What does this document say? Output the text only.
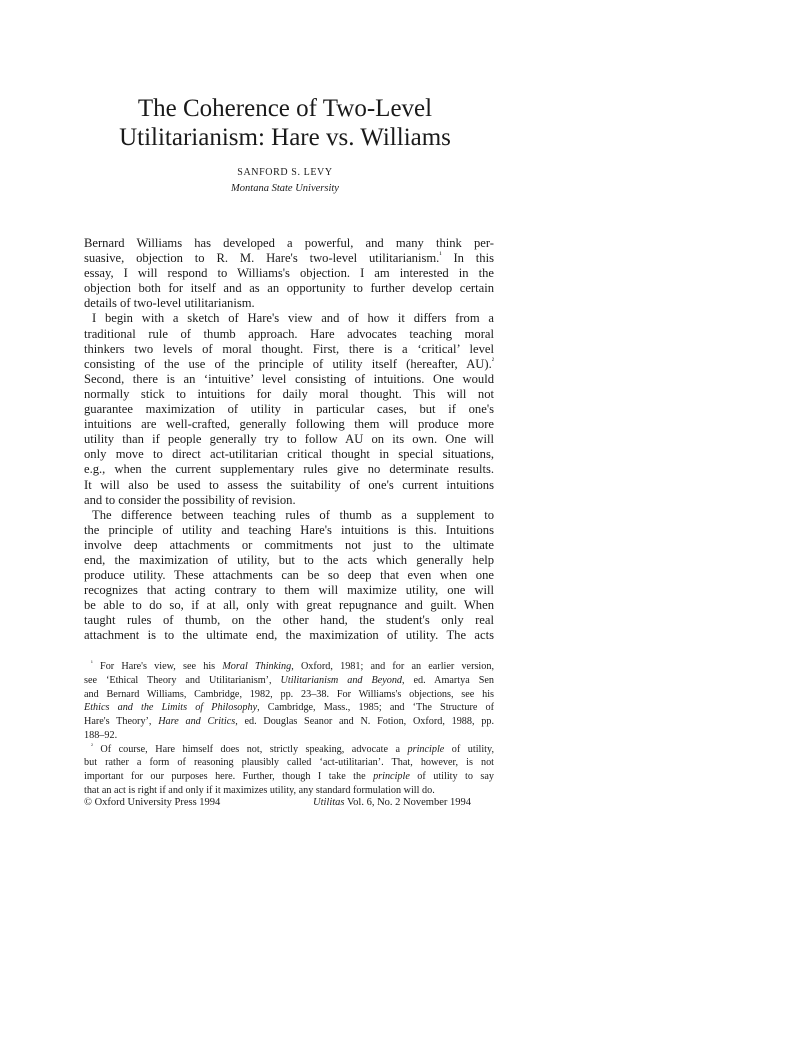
The Coherence of Two-Level
Utilitarianism: Hare vs. Williams
SANFORD S. LEVY
Montana State University
Bernard Williams has developed a powerful, and many think per-
suasive, objection to R. M. Hare's two-level utilitarianism.$^{^1}$ In this
essay, I will respond to Williams's objection. I am interested in the
objection both for itself and as an opportunity to further develop certain
details of two-level utilitarianism.
I begin with a sketch of Hare's view and of how it differs from a
traditional rule of thumb approach. Hare advocates teaching moral
thinkers two levels of moral thought. First, there is a ‘critical’ level
consisting of the use of the principle of utility itself (hereafter, AU).$^{^2}$
Second, there is an ‘intuitive’ level consisting of intuitions. One would
normally stick to intuitions for daily moral thought. This will not
guarantee maximization of utility in particular cases, but if one's
intuitions are well-crafted, generally following them will produce more
utility than if people generally try to follow AU on its own. One will
only move to direct act-utilitarian critical thought in special situations,
e.g., when the current supplementary rules give no determinate results.
It will also be used to assess the suitability of one's current intuitions
and to consider the possibility of revision.
The difference between teaching rules of thumb as a supplement to
the principle of utility and teaching Hare's intuitions is this. Intuitions
involve deep attachments or commitments not just to the ultimate
end, the maximization of utility, but to the acts which generally help
produce utility. These attachments can be so deep that even when one
recognizes that acting contrary to them will maximize utility, one will
be able to do so, if at all, only with great repugnance and guilt. When
taught rules of thumb, on the other hand, the student's only real
attachment is to the ultimate end, the maximization of utility. The acts
$^{^1}$ For Hare's view, see his Moral Thinking, Oxford, 1981; and for an earlier version,
see ‘Ethical Theory and Utilitarianism’, Utilitarianism and Beyond, ed. Amartya Sen
and Bernard Williams, Cambridge, 1982, pp. 23–38. For Williams's objections, see his
Ethics and the Limits of Philosophy, Cambridge, Mass., 1985; and ‘The Structure of
Hare's Theory’, Hare and Critics, ed. Douglas Seanor and N. Fotion, Oxford, 1988, pp.
188–92.
$^{^2}$ Of course, Hare himself does not, strictly speaking, advocate a principle of utility,
but rather a form of reasoning plausibly called ‘act-utilitarian’. That, however, is not
important for our purposes here. Further, though I take the principle of utility to say
that an act is right if and only if it maximizes utility, any standard formulation will do.
© Oxford University Press 1994	Utilitas Vol. 6, No. 2 November 1994
